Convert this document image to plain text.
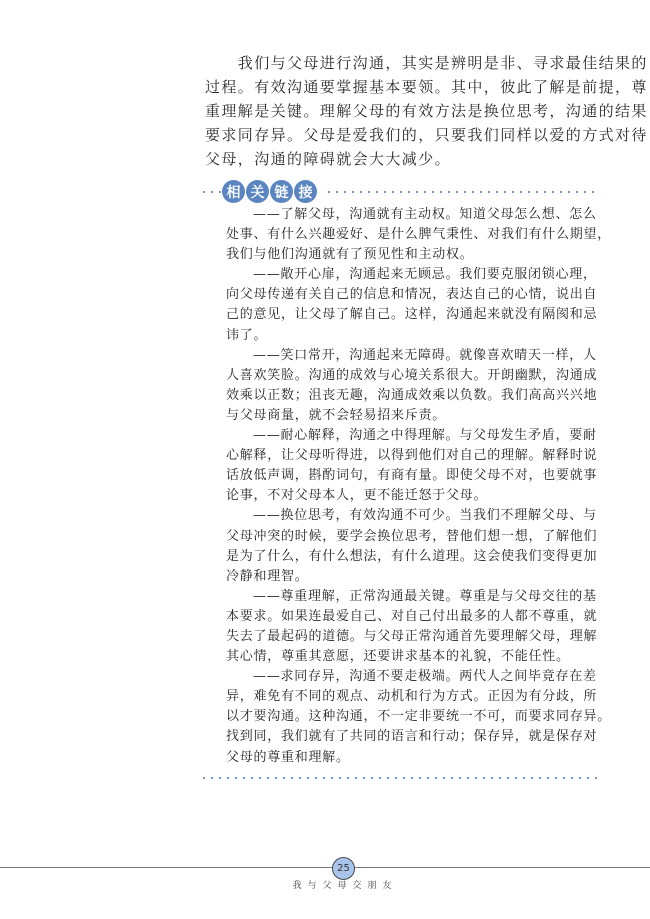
　　我们与父母进行沟通，其实是辨明是非、寻求最佳结果的
过程。有效沟通要掌握基本要领。其中，彼此了解是前提，尊
重理解是关键。理解父母的有效方法是换位思考，沟通的结果
要求同存异。父母是爱我们的，只要我们同样以爱的方式对待
父母，沟通的障碍就会大大减少。
相 关 链 接
——了解父母，沟通就有主动权。知道父母怎么想、怎么
处事、有什么兴趣爱好、是什么脾气秉性、对我们有什么期望，
我们与他们沟通就有了预见性和主动权。
——敞开心扉，沟通起来无顾忌。我们要克服闭锁心理，
向父母传递有关自己的信息和情况，表达自己的心情，说出自
己的意见，让父母了解自己。这样，沟通起来就没有隔阂和忌
讳了。
——笑口常开，沟通起来无障碍。就像喜欢晴天一样，人
人喜欢笑脸。沟通的成效与心境关系很大。开朗幽默，沟通成
效乘以正数；沮丧无趣，沟通成效乘以负数。我们高高兴兴地
与父母商量，就不会轻易招来斥责。
——耐心解释，沟通之中得理解。与父母发生矛盾，要耐
心解释，让父母听得进，以得到他们对自己的理解。解释时说
话放低声调，斟酌词句，有商有量。即使父母不对，也要就事
论事，不对父母本人，更不能迁怒于父母。
——换位思考，有效沟通不可少。当我们不理解父母、与
父母冲突的时候，要学会换位思考，替他们想一想，了解他们
是为了什么，有什么想法，有什么道理。这会使我们变得更加
冷静和理智。
——尊重理解，正常沟通最关键。尊重是与父母交往的基
本要求。如果连最爱自己、对自己付出最多的人都不尊重，就
失去了最起码的道德。与父母正常沟通首先要理解父母，理解
其心情，尊重其意愿，还要讲求基本的礼貌，不能任性。
——求同存异，沟通不要走极端。两代人之间毕竟存在差
异，难免有不同的观点、动机和行为方式。正因为有分歧，所
以才要沟通。这种沟通，不一定非要统一不可，而要求同存异。
找到同，我们就有了共同的语言和行动；保存异，就是保存对
父母的尊重和理解。
25
我与父母交朋友
